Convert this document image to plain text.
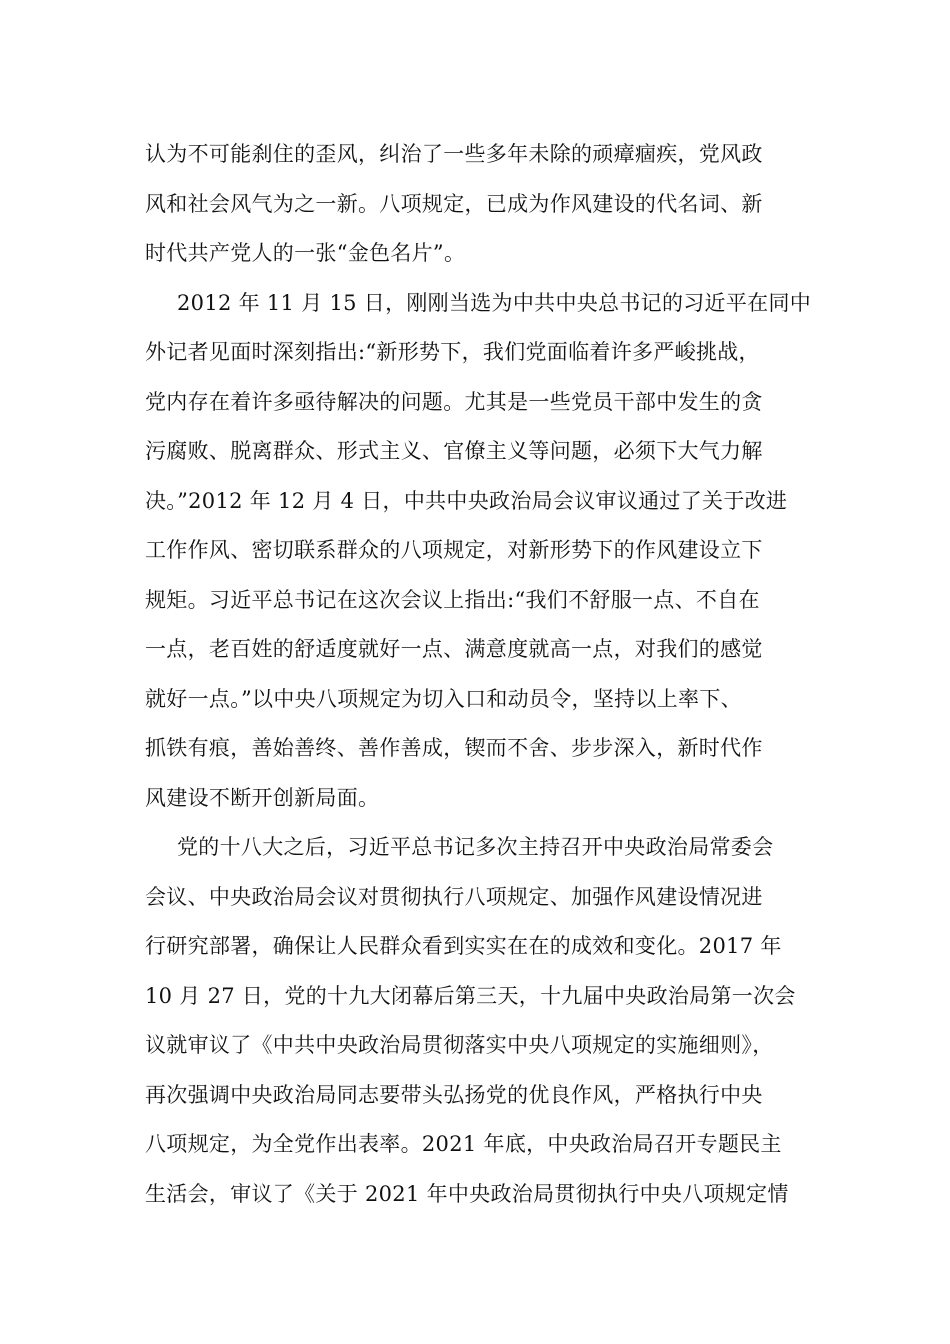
认为不可能刹住的歪风，纠治了一些多年未除的顽瘴痼疾，党风政
风和社会风气为之一新。八项规定，已成为作风建设的代名词、新
时代共产党人的一张“金色名片”。

2012 年 11 月 15 日，刚刚当选为中共中央总书记的习近平在同中
外记者见面时深刻指出:“新形势下，我们党面临着许多严峻挑战，
党内存在着许多亟待解决的问题。尤其是一些党员干部中发生的贪
污腐败、脱离群众、形式主义、官僚主义等问题，必须下大气力解
决。”2012 年 12 月 4 日，中共中央政治局会议审议通过了关于改进
工作作风、密切联系群众的八项规定，对新形势下的作风建设立下
规矩。习近平总书记在这次会议上指出:“我们不舒服一点、不自在
一点，老百姓的舒适度就好一点、满意度就高一点，对我们的感觉
就好一点。”以中央八项规定为切入口和动员令，坚持以上率下、
抓铁有痕，善始善终、善作善成，锲而不舍、步步深入，新时代作
风建设不断开创新局面。

党的十八大之后，习近平总书记多次主持召开中央政治局常委会
会议、中央政治局会议对贯彻执行八项规定、加强作风建设情况进
行研究部署，确保让人民群众看到实实在在的成效和变化。2017 年
10 月 27 日，党的十九大闭幕后第三天，十九届中央政治局第一次会
议就审议了《中共中央政治局贯彻落实中央八项规定的实施细则》，
再次强调中央政治局同志要带头弘扬党的优良作风，严格执行中央
八项规定，为全党作出表率。2021 年底，中央政治局召开专题民主
生活会，审议了《关于 2021 年中央政治局贯彻执行中央八项规定情
